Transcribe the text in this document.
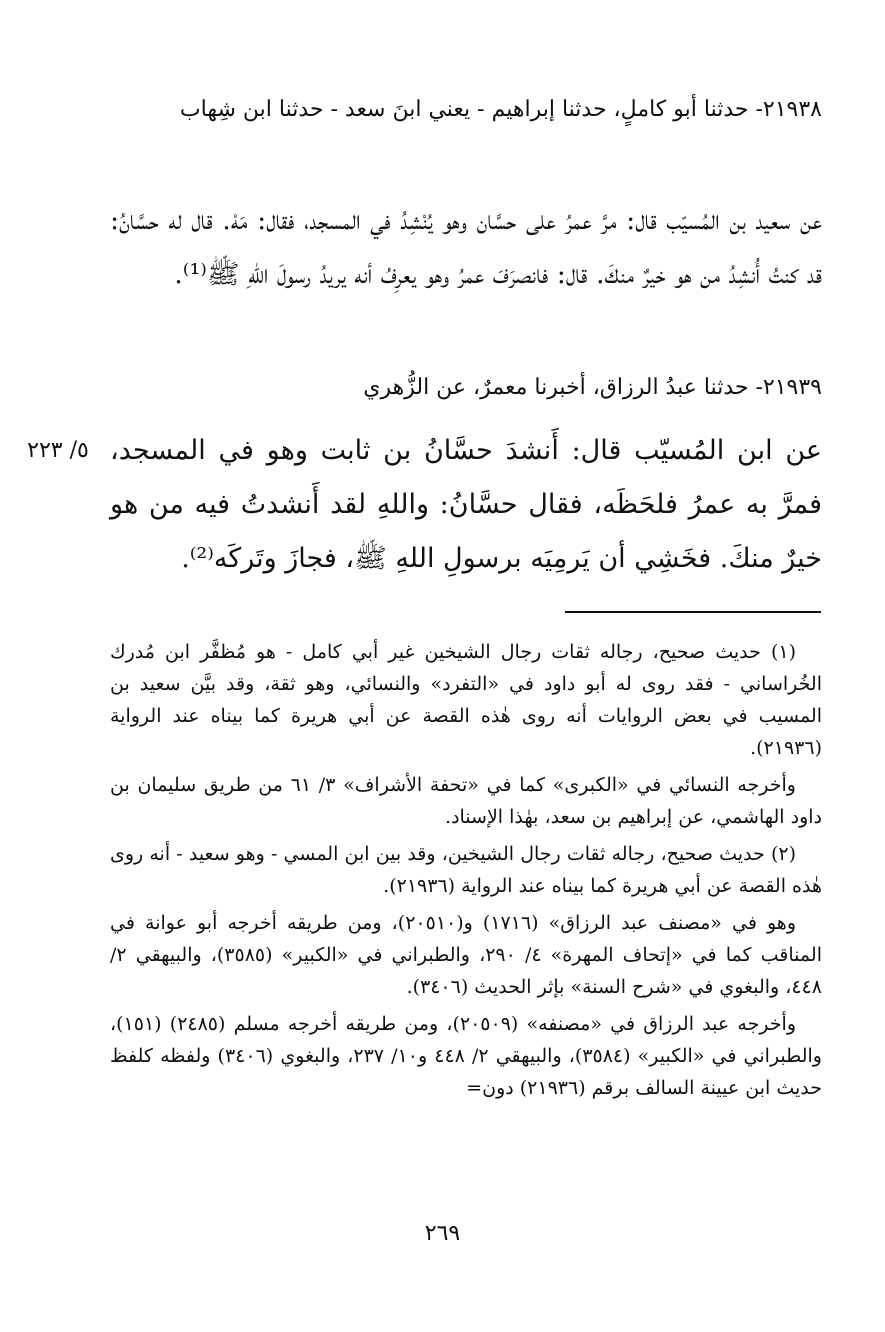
٢١٩٣٨- حدثنا أبو كاملٍ، حدثنا إبراهيم - يعني ابنَ سعد - حدثنا ابن شِهاب
عن سعيد بن المُسيّب قال: مرَّ عمرُ على حسَّان وهو يُنْشِدُ في المسجد، فقال: مَهْ. قال له حسَّانُ: قد كنتُ أُنشِدُ من هو خيرٌ منكَ. قال: فانصرَفَ عمرُ وهو يعرِفُ أنه يريدُ رسولَ اللهِ ﷺ⁽¹⁾.
٢١٩٣٩- حدثنا عبدُ الرزاق، أخبرنا معمرٌ، عن الزُّهري
عن ابن المُسيّب قال: أَنشدَ حسَّانُ بن ثابت وهو في المسجد، فمرَّ به عمرُ فلحَظَه، فقال حسَّانُ: واللهِ لقد أَنشدتُ فيه من هو خيرٌ منكَ. فخَشِي أن يَرمِيَه برسولِ اللهِ ﷺ، فجازَ وتَركَه⁽²⁾.
٥/ ٢٢٣

(١) حديث صحيح، رجاله ثقات رجال الشيخين غير أبي كامل - هو مُظفَّر ابن مُدرك الخُراساني - فقد روى له أبو داود في «التفرد» والنسائي، وهو ثقة، وقد بيَّن سعيد بن المسيب في بعض الروايات أنه روى هٰذه القصة عن أبي هريرة كما بيناه عند الرواية (٢١٩٣٦).

وأخرجه النسائي في «الكبرى» كما في «تحفة الأشراف» ٣/ ٦١ من طريق سليمان بن داود الهاشمي، عن إبراهيم بن سعد، بهٰذا الإسناد.

(٢) حديث صحيح، رجاله ثقات رجال الشيخين، وقد بين ابن المسي - وهو سعيد - أنه روى هٰذه القصة عن أبي هريرة كما بيناه عند الرواية (٢١٩٣٦).

وهو في «مصنف عبد الرزاق» (١٧١٦) و(٢٠٥١٠)، ومن طريقه أخرجه أبو عوانة في المناقب كما في «إتحاف المهرة» ٤/ ٢٩٠، والطبراني في «الكبير» (٣٥٨٥)، والبيهقي ٢/ ٤٤٨، والبغوي في «شرح السنة» بإثر الحديث (٣٤٠٦).

وأخرجه عبد الرزاق في «مصنفه» (٢٠٥٠٩)، ومن طريقه أخرجه مسلم (٢٤٨٥) (١٥١)، والطبراني في «الكبير» (٣٥٨٤)، والبيهقي ٢/ ٤٤٨ و١٠/ ٢٣٧، والبغوي (٣٤٠٦) ولفظه كلفظ حديث ابن عيينة السالف برقم (٢١٩٣٦) دون=

٢٦٩
